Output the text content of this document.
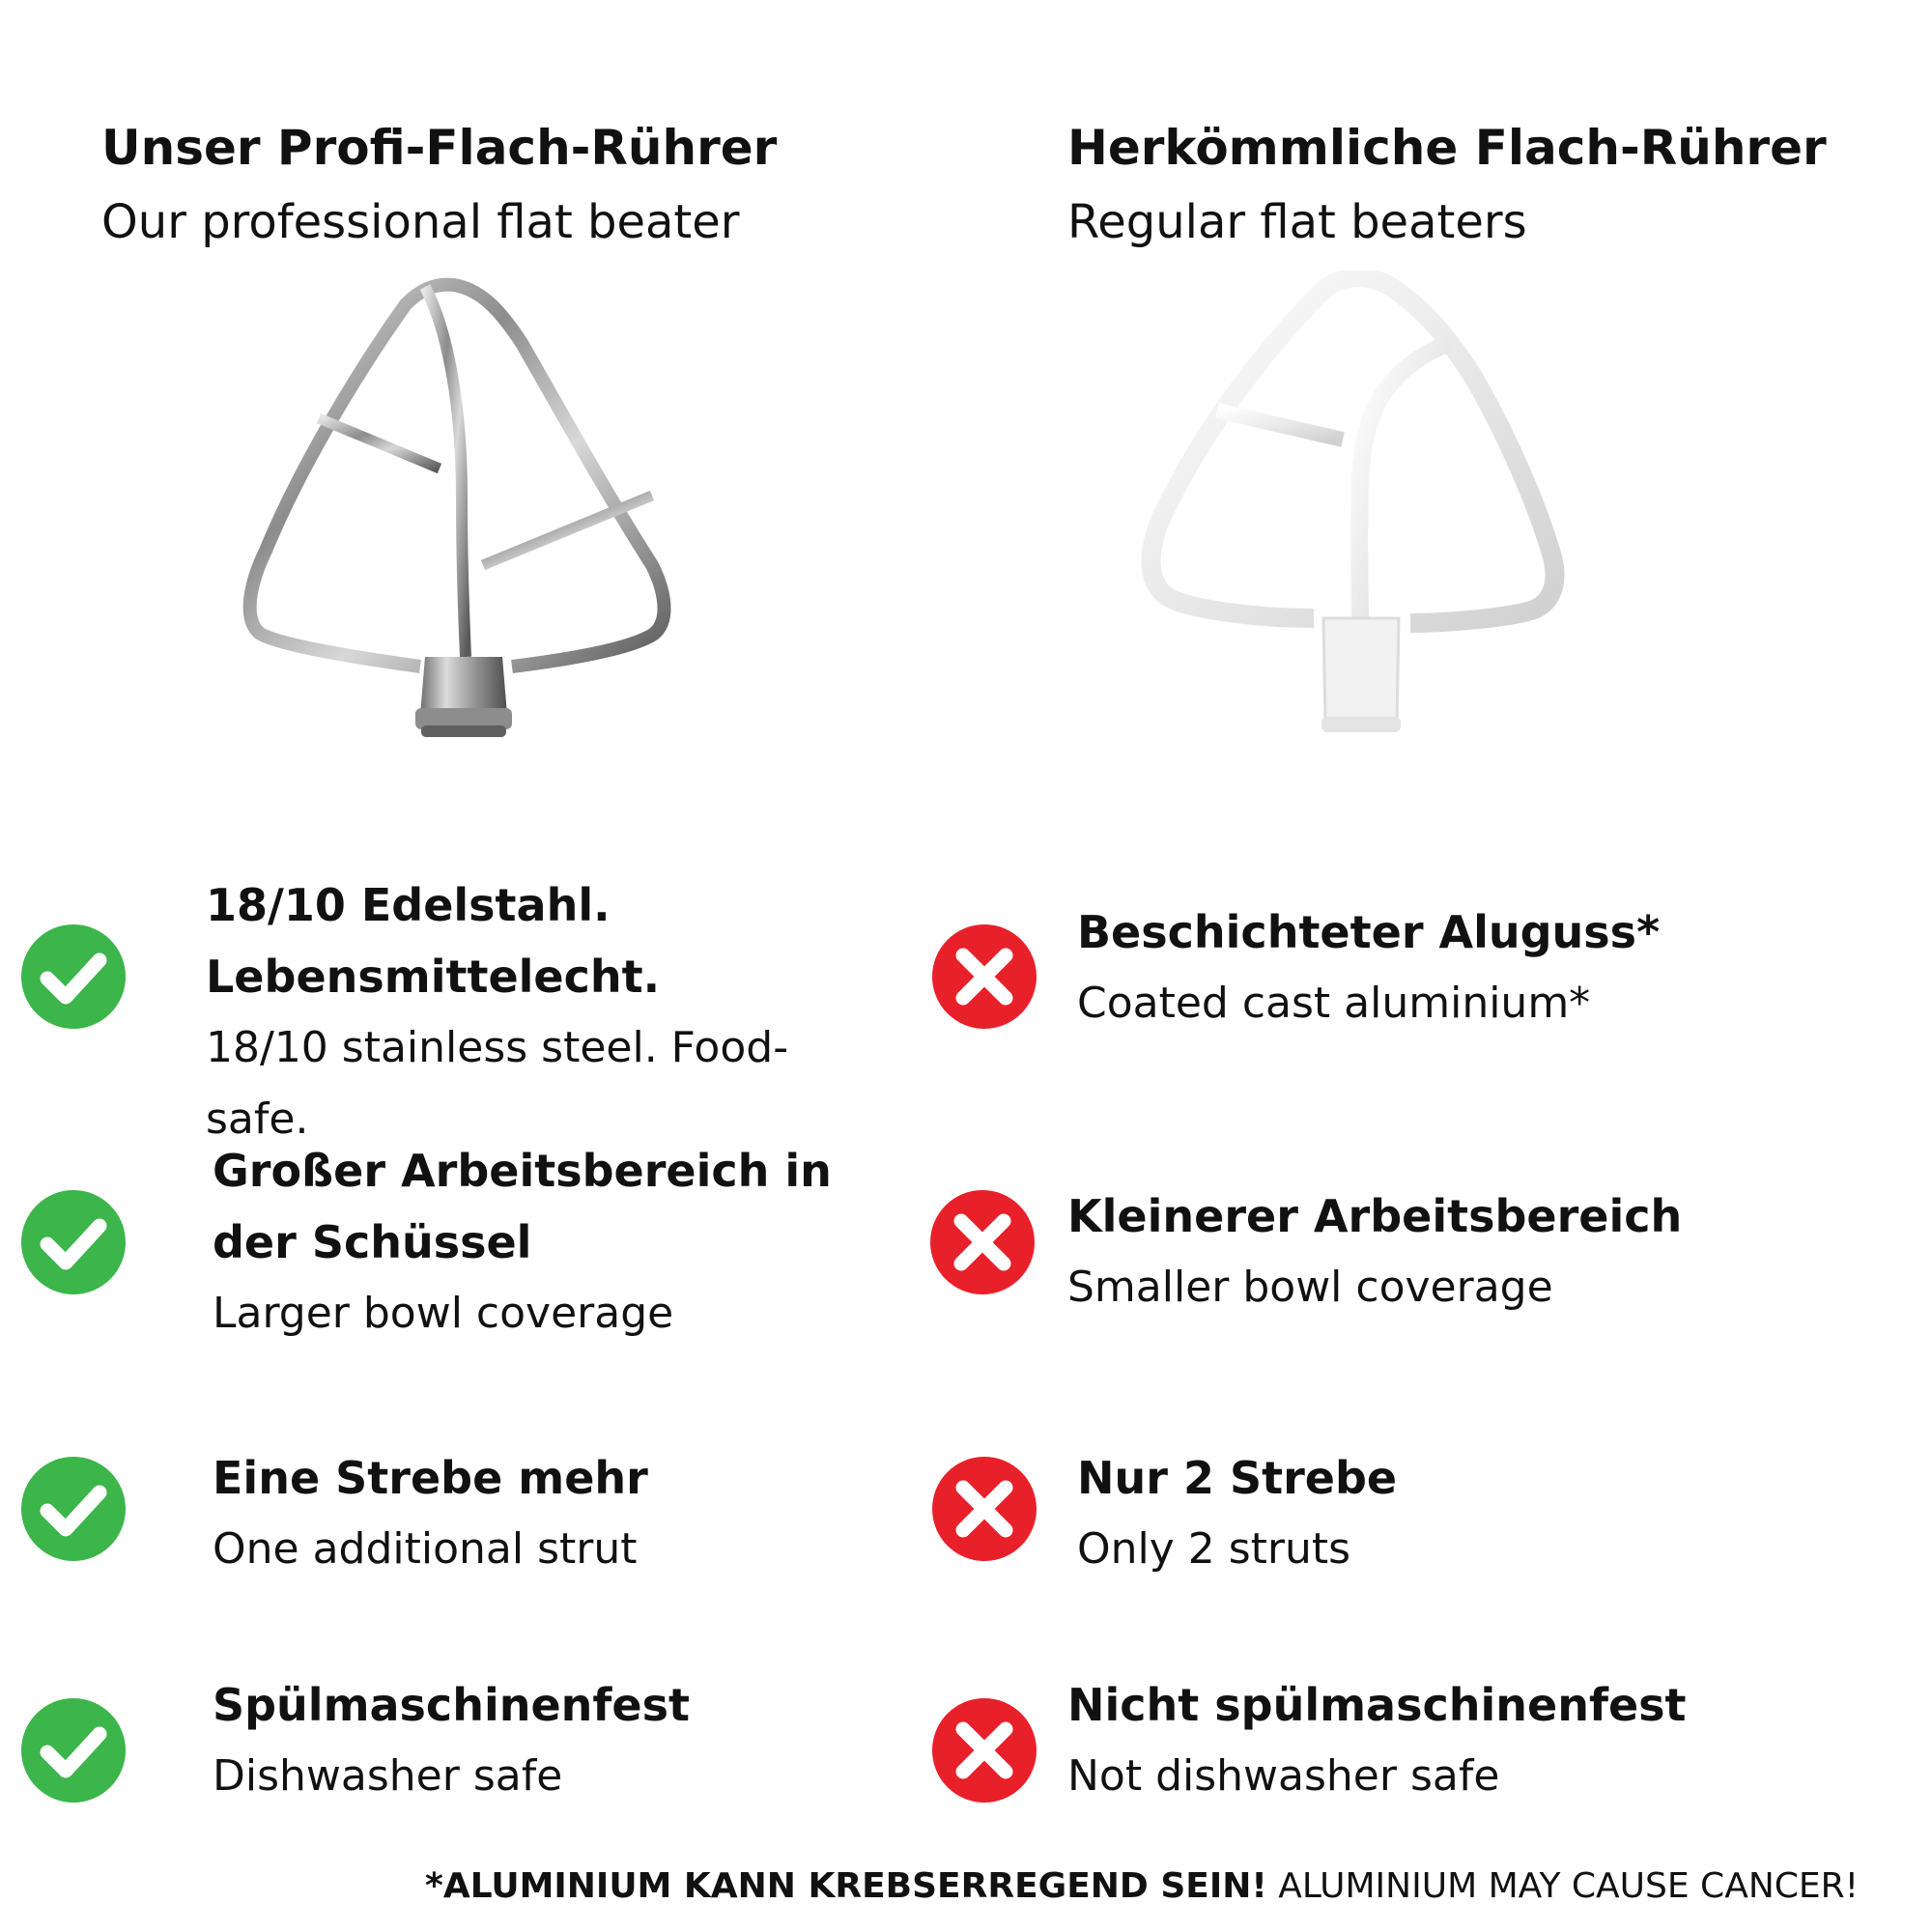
Unser Profi-Flach-Rührer
Our professional flat beater
Herkömmliche Flach-Rührer
Regular flat beaters
18/10 Edelstahl. Lebensmittelecht.
18/10 stainless steel. Food-safe.
Großer Arbeitsbereich in der Schüssel
Larger bowl coverage
Eine Strebe mehr
One additional strut
Spülmaschinenfest
Dishwasher safe
Beschichteter Aluguss*
Coated cast aluminium*
Kleinerer Arbeitsbereich
Smaller bowl coverage
Nur 2 Strebe
Only 2 struts
Nicht spülmaschinenfest
Not dishwasher safe
*ALUMINIUM KANN KREBSERREGEND SEIN! ALUMINIUM MAY CAUSE CANCER!
